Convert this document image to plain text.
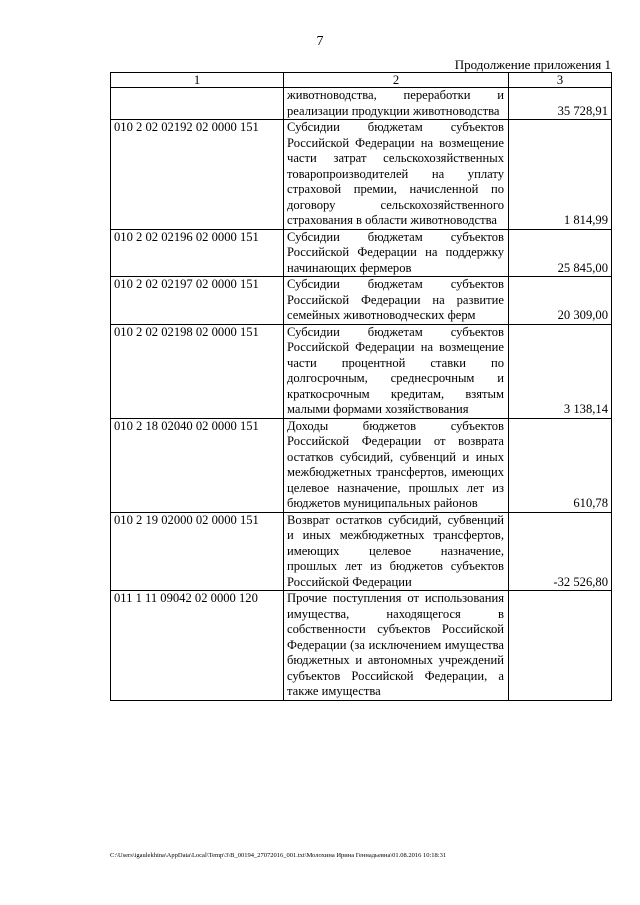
7
Продолжение приложения 1
1	2	3
	животноводства, переработки и реализации продукции животноводства	35 728,91
010 2 02 02192 02 0000 151	Субсидии бюджетам субъектов Российской Федерации на возмещение части затрат сельскохозяйственных товаропроизводителей на уплату страховой премии, начисленной по договору сельскохозяйственного страхования в области животноводства	1 814,99
010 2 02 02196 02 0000 151	Субсидии бюджетам субъектов Российской Федерации на поддержку начинающих фермеров	25 845,00
010 2 02 02197 02 0000 151	Субсидии бюджетам субъектов Российской Федерации на развитие семейных животноводческих ферм	20 309,00
010 2 02 02198 02 0000 151	Субсидии бюджетам субъектов Российской Федерации на возмещение части процентной ставки по долгосрочным, среднесрочным и краткосрочным кредитам, взятым малыми формами хозяйствования	3 138,14
010 2 18 02040 02 0000 151	Доходы бюджетов субъектов Российской Федерации от возврата остатков субсидий, субвенций и иных межбюджетных трансфертов, имеющих целевое назначение, прошлых лет из бюджетов муниципальных районов	610,78
010 2 19 02000 02 0000 151	Возврат остатков субсидий, субвенций и иных межбюджетных трансфертов, имеющих целевое назначение, прошлых лет из бюджетов субъектов Российской Федерации	-32 526,80
011 1 11 09042 02 0000 120	Прочие поступления от использования имущества, находящегося в собственности субъектов Российской Федерации (за исключением имущества бюджетных и автономных учреждений субъектов Российской Федерации, а также имущества	
C:\Users\igaulekhina\AppData\Local\Temp\3\В_00194_27072016_001.txt\Молохина Ирина Геннадьевна\01.08.2016 10:18:31
